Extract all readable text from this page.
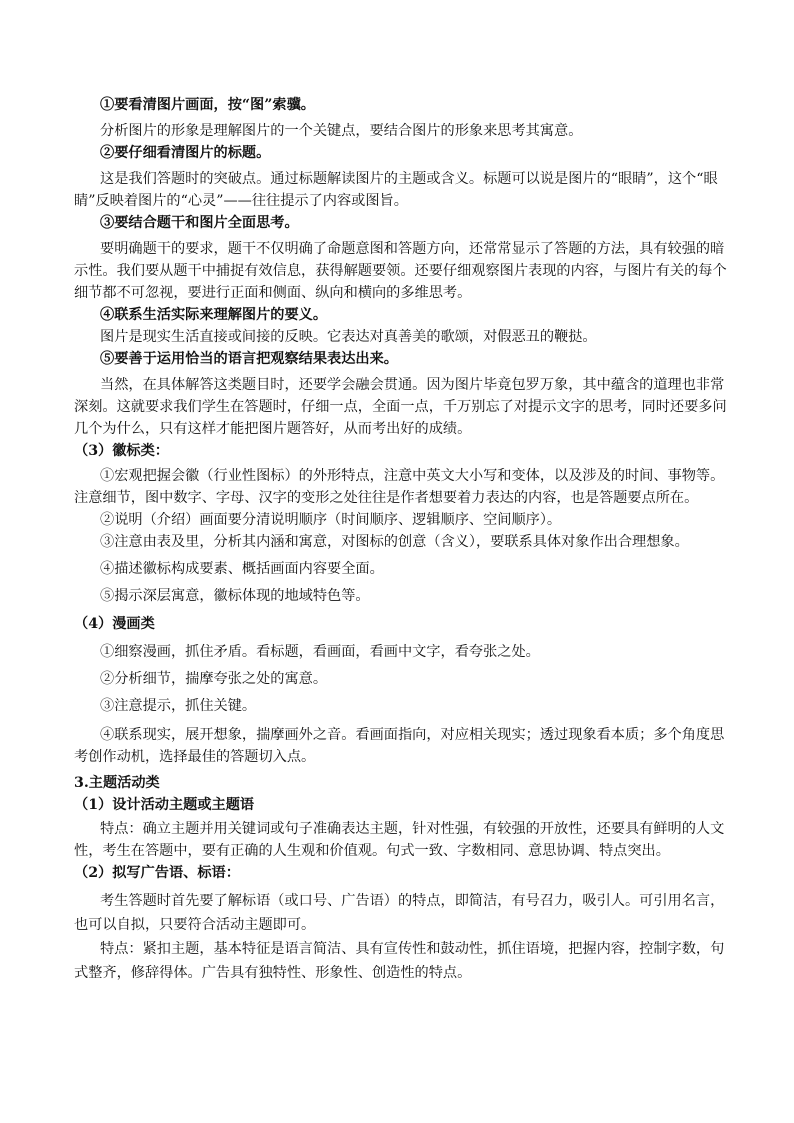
①要看清图片画面，按“图”索骥。

分析图片的形象是理解图片的一个关键点，要结合图片的形象来思考其寓意。

②要仔细看清图片的标题。

这是我们答题时的突破点。通过标题解读图片的主题或含义。标题可以说是图片的“眼睛”，这个“眼

睛”反映着图片的“心灵”——往往提示了内容或图旨。

③要结合题干和图片全面思考。

要明确题干的要求，题干不仅明确了命题意图和答题方向，还常常显示了答题的方法，具有较强的暗

示性。我们要从题干中捕捉有效信息，获得解题要领。还要仔细观察图片表现的内容，与图片有关的每个

细节都不可忽视，要进行正面和侧面、纵向和横向的多维思考。

④联系生活实际来理解图片的要义。

图片是现实生活直接或间接的反映。它表达对真善美的歌颂，对假恶丑的鞭挞。

⑤要善于运用恰当的语言把观察结果表达出来。

当然，在具体解答这类题目时，还要学会融会贯通。因为图片毕竟包罗万象，其中蕴含的道理也非常

深刻。这就要求我们学生在答题时，仔细一点，全面一点，千万别忘了对提示文字的思考，同时还要多问

几个为什么，只有这样才能把图片题答好，从而考出好的成绩。

（3）徽标类：

①宏观把握会徽（行业性图标）的外形特点，注意中英文大小写和变体，以及涉及的时间、事物等。

注意细节，图中数字、字母、汉字的变形之处往往是作者想要着力表达的内容，也是答题要点所在。

②说明（介绍）画面要分清说明顺序（时间顺序、逻辑顺序、空间顺序）。

③注意由表及里，分析其内涵和寓意，对图标的创意（含义），要联系具体对象作出合理想象。

④描述徽标构成要素、概括画面内容要全面。

⑤揭示深层寓意，徽标体现的地域特色等。

（4）漫画类

①细察漫画，抓住矛盾。看标题，看画面，看画中文字，看夸张之处。

②分析细节，揣摩夸张之处的寓意。

③注意提示，抓住关键。

④联系现实，展开想象，揣摩画外之音。看画面指向，对应相关现实；透过现象看本质；多个角度思

考创作动机，选择最佳的答题切入点。

3.主题活动类

（1）设计活动主题或主题语

特点：确立主题并用关键词或句子准确表达主题，针对性强，有较强的开放性，还要具有鲜明的人文

性，考生在答题中，要有正确的人生观和价值观。句式一致、字数相同、意思协调、特点突出。

（2）拟写广告语、标语：

考生答题时首先要了解标语（或口号、广告语）的特点，即简洁，有号召力，吸引人。可引用名言，

也可以自拟，只要符合活动主题即可。

特点：紧扣主题，基本特征是语言简洁、具有宣传性和鼓动性，抓住语境，把握内容，控制字数，句

式整齐，修辞得体。广告具有独特性、形象性、创造性的特点。
